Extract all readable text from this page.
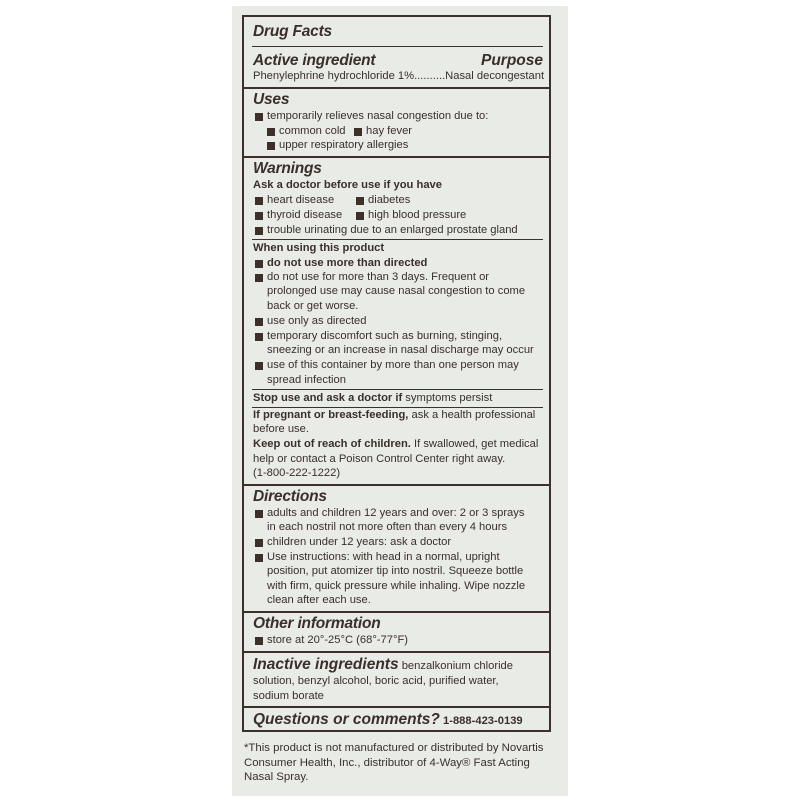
Drug Facts
Active ingredient	Purpose
Phenylephrine hydrochloride 1%..........Nasal decongestant
Uses
temporarily relieves nasal congestion due to:
common cold hay fever
upper respiratory allergies
Warnings
Ask a doctor before use if you have
heart disease	diabetes
thyroid disease high blood pressure
trouble urinating due to an enlarged prostate gland
When using this product
do not use more than directed
do not use for more than 3 days. Frequent or
prolonged use may cause nasal congestion to come
back or get worse.
use only as directed
temporary discomfort such as burning, stinging,
sneezing or an increase in nasal discharge may occur
use of this container by more than one person may
spread infection
Stop use and ask a doctor if symptoms persist
If pregnant or breast-feeding, ask a health professional
before use.
Keep out of reach of children. If swallowed, get medical
help or contact a Poison Control Center right away.
(1-800-222-1222)
Directions
adults and children 12 years and over: 2 or 3 sprays
in each nostril not more often than every 4 hours
children under 12 years: ask a doctor
Use instructions: with head in a normal, upright
position, put atomizer tip into nostril. Squeeze bottle
with firm, quick pressure while inhaling. Wipe nozzle
clean after each use.
Other information
store at 20°-25°C (68°-77°F)
Inactive ingredients benzalkonium chloride
solution, benzyl alcohol, boric acid, purified water,
sodium borate
Questions or comments? 1-888-423-0139
*This product is not manufactured or distributed by Novartis
Consumer Health, Inc., distributor of 4-Way® Fast Acting
Nasal Spray.
